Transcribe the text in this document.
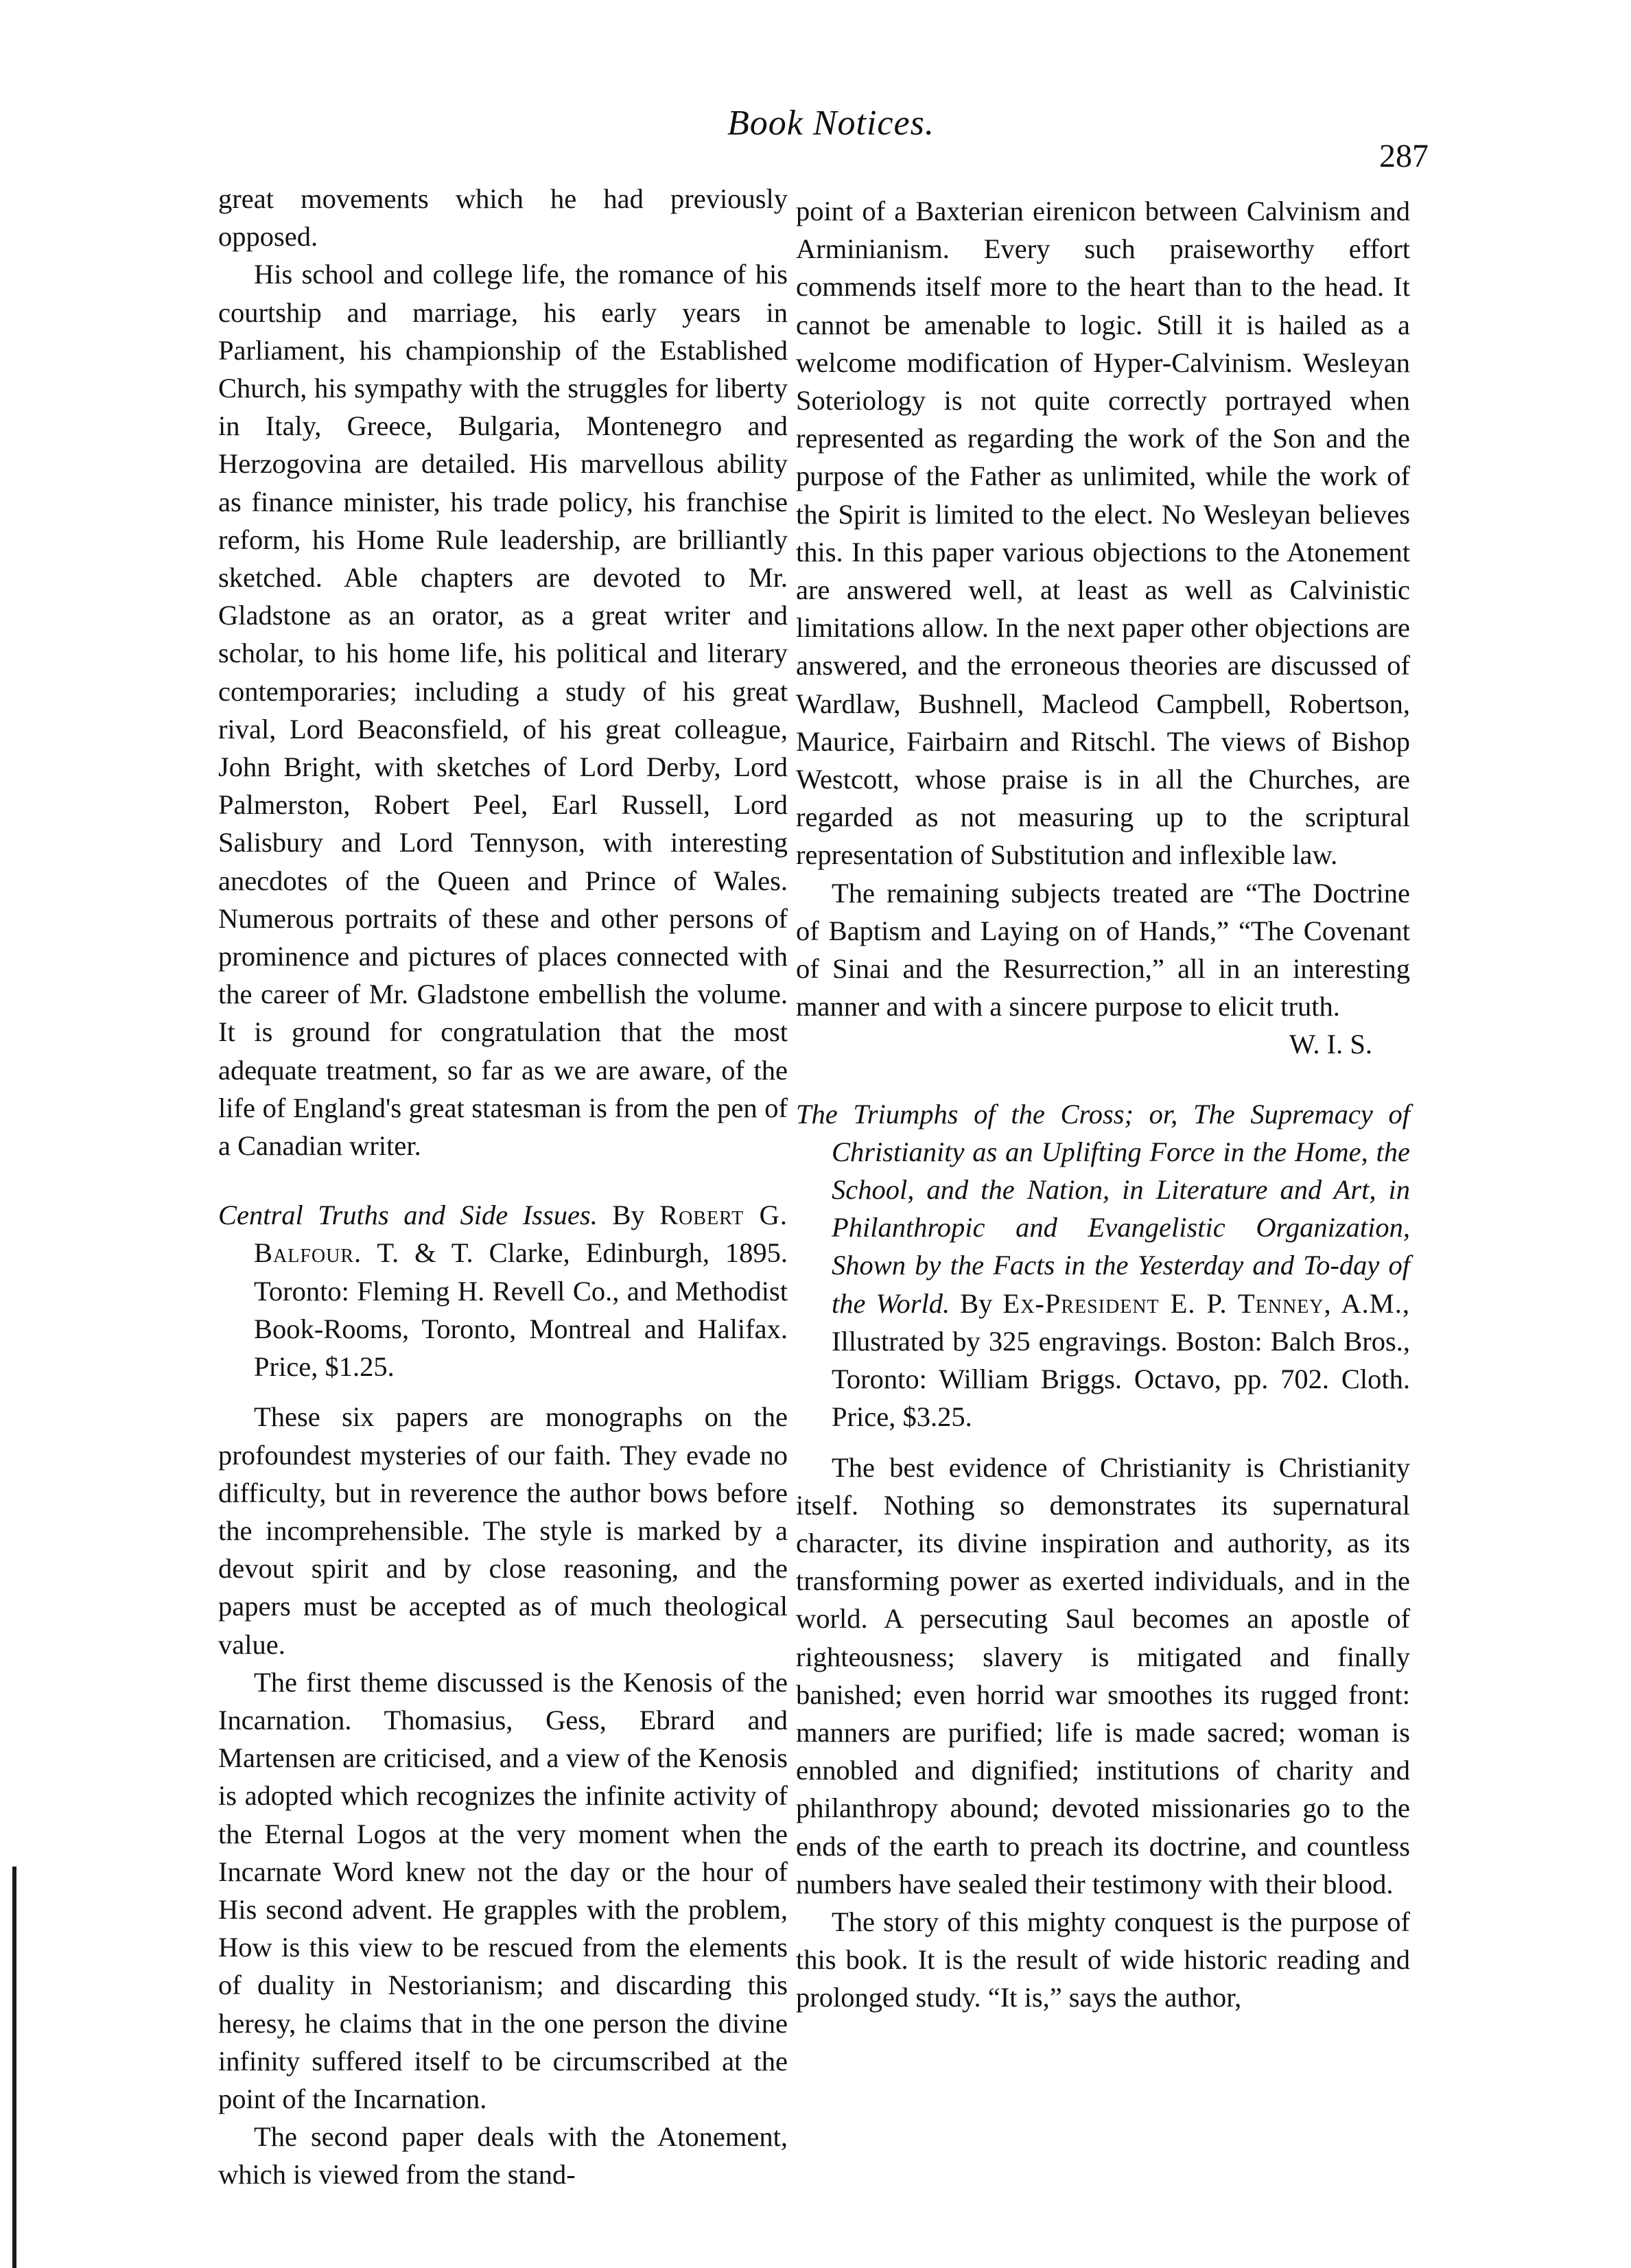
Book Notices.
287

great movements which he had previously opposed.

His school and college life, the romance of his courtship and marriage, his early years in Parliament, his championship of the Established Church, his sympathy with the struggles for liberty in Italy, Greece, Bulgaria, Montenegro and Herzogovina are detailed. His marvellous ability as finance minister, his trade policy, his franchise reform, his Home Rule leadership, are brilliantly sketched. Able chapters are devoted to Mr. Gladstone as an orator, as a great writer and scholar, to his home life, his political and literary contemporaries; including a study of his great rival, Lord Beaconsfield, of his great colleague, John Bright, with sketches of Lord Derby, Lord Palmerston, Robert Peel, Earl Russell, Lord Salisbury and Lord Tennyson, with interesting anecdotes of the Queen and Prince of Wales. Numerous portraits of these and other persons of prominence and pictures of places connected with the career of Mr. Gladstone embellish the volume. It is ground for congratulation that the most adequate treatment, so far as we are aware, of the life of England's great statesman is from the pen of a Canadian writer.

Central Truths and Side Issues. By Robert G. Balfour. T. & T. Clarke, Edinburgh, 1895. Toronto: Fleming H. Revell Co., and Methodist Book-Rooms, Toronto, Montreal and Halifax. Price, $1.25.

These six papers are monographs on the profoundest mysteries of our faith. They evade no difficulty, but in reverence the author bows before the incomprehensible. The style is marked by a devout spirit and by close reasoning, and the papers must be accepted as of much theological value.

The first theme discussed is the Kenosis of the Incarnation. Thomasius, Gess, Ebrard and Martensen are criticised, and a view of the Kenosis is adopted which recognizes the infinite activity of the Eternal Logos at the very moment when the Incarnate Word knew not the day or the hour of His second advent. He grapples with the problem, How is this view to be rescued from the elements of duality in Nestorianism; and discarding this heresy, he claims that in the one person the divine infinity suffered itself to be circumscribed at the point of the Incarnation.

The second paper deals with the Atonement, which is viewed from the stand-

point of a Baxterian eirenicon between Calvinism and Arminianism. Every such praiseworthy effort commends itself more to the heart than to the head. It cannot be amenable to logic. Still it is hailed as a welcome modification of Hyper-Calvinism. Wesleyan Soteriology is not quite correctly portrayed when represented as regarding the work of the Son and the purpose of the Father as unlimited, while the work of the Spirit is limited to the elect. No Wesleyan believes this. In this paper various objections to the Atonement are answered well, at least as well as Calvinistic limitations allow. In the next paper other objections are answered, and the erroneous theories are discussed of Wardlaw, Bushnell, Macleod Campbell, Robertson, Maurice, Fairbairn and Ritschl. The views of Bishop Westcott, whose praise is in all the Churches, are regarded as not measuring up to the scriptural representation of Substitution and inflexible law.

The remaining subjects treated are “The Doctrine of Baptism and Laying on of Hands,” “The Covenant of Sinai and the Resurrection,” all in an interesting manner and with a sincere purpose to elicit truth.

W. I. S.

The Triumphs of the Cross; or, The Supremacy of Christianity as an Uplifting Force in the Home, the School, and the Nation, in Literature and Art, in Philanthropic and Evangelistic Organization, Shown by the Facts in the Yesterday and To-day of the World. By Ex-President E. P. Tenney, A.M., Illustrated by 325 engravings. Boston: Balch Bros., Toronto: William Briggs. Octavo, pp. 702. Cloth. Price, $3.25.

The best evidence of Christianity is Christianity itself. Nothing so demonstrates its supernatural character, its divine inspiration and authority, as its transforming power as exerted individuals, and in the world. A persecuting Saul becomes an apostle of righteousness; slavery is mitigated and finally banished; even horrid war smoothes its rugged front: manners are purified; life is made sacred; woman is ennobled and dignified; institutions of charity and philanthropy abound; devoted missionaries go to the ends of the earth to preach its doctrine, and countless numbers have sealed their testimony with their blood.

The story of this mighty conquest is the purpose of this book. It is the result of wide historic reading and prolonged study. “It is,” says the author,
